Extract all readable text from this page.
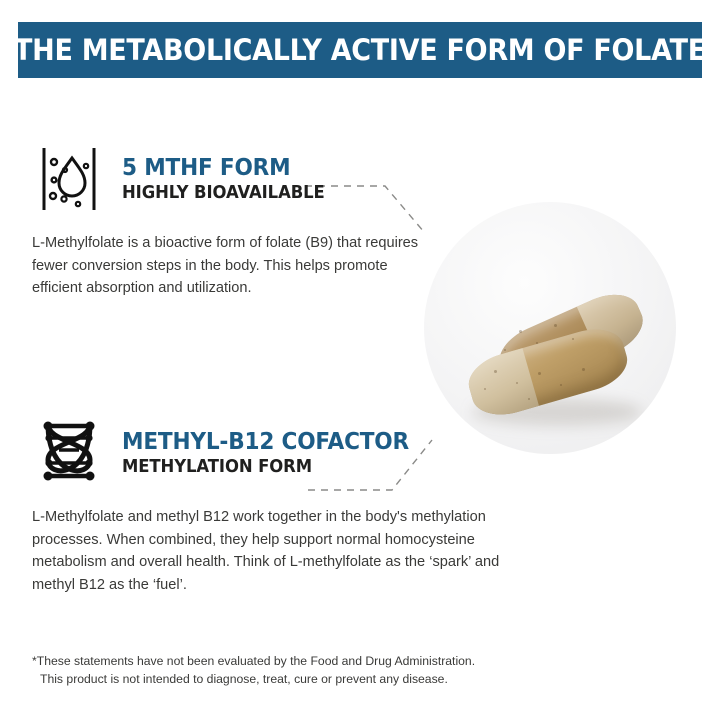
THE METABOLICALLY ACTIVE FORM OF FOLATE
5 MTHF FORM
HIGHLY BIOAVAILABLE
L-Methylfolate is a bioactive form of folate (B9) that requires fewer conversion steps in the body. This helps promote efficient absorption and utilization.
METHYL-B12 COFACTOR
METHYLATION FORM
L-Methylfolate and methyl B12 work together in the body's methylation processes. When combined, they help support normal homocysteine metabolism and overall health. Think of L-methylfolate as the ‘spark’ and methyl B12 as the ‘fuel’.
*These statements have not been evaluated by the Food and Drug Administration.
This product is not intended to diagnose, treat, cure or prevent any disease.
